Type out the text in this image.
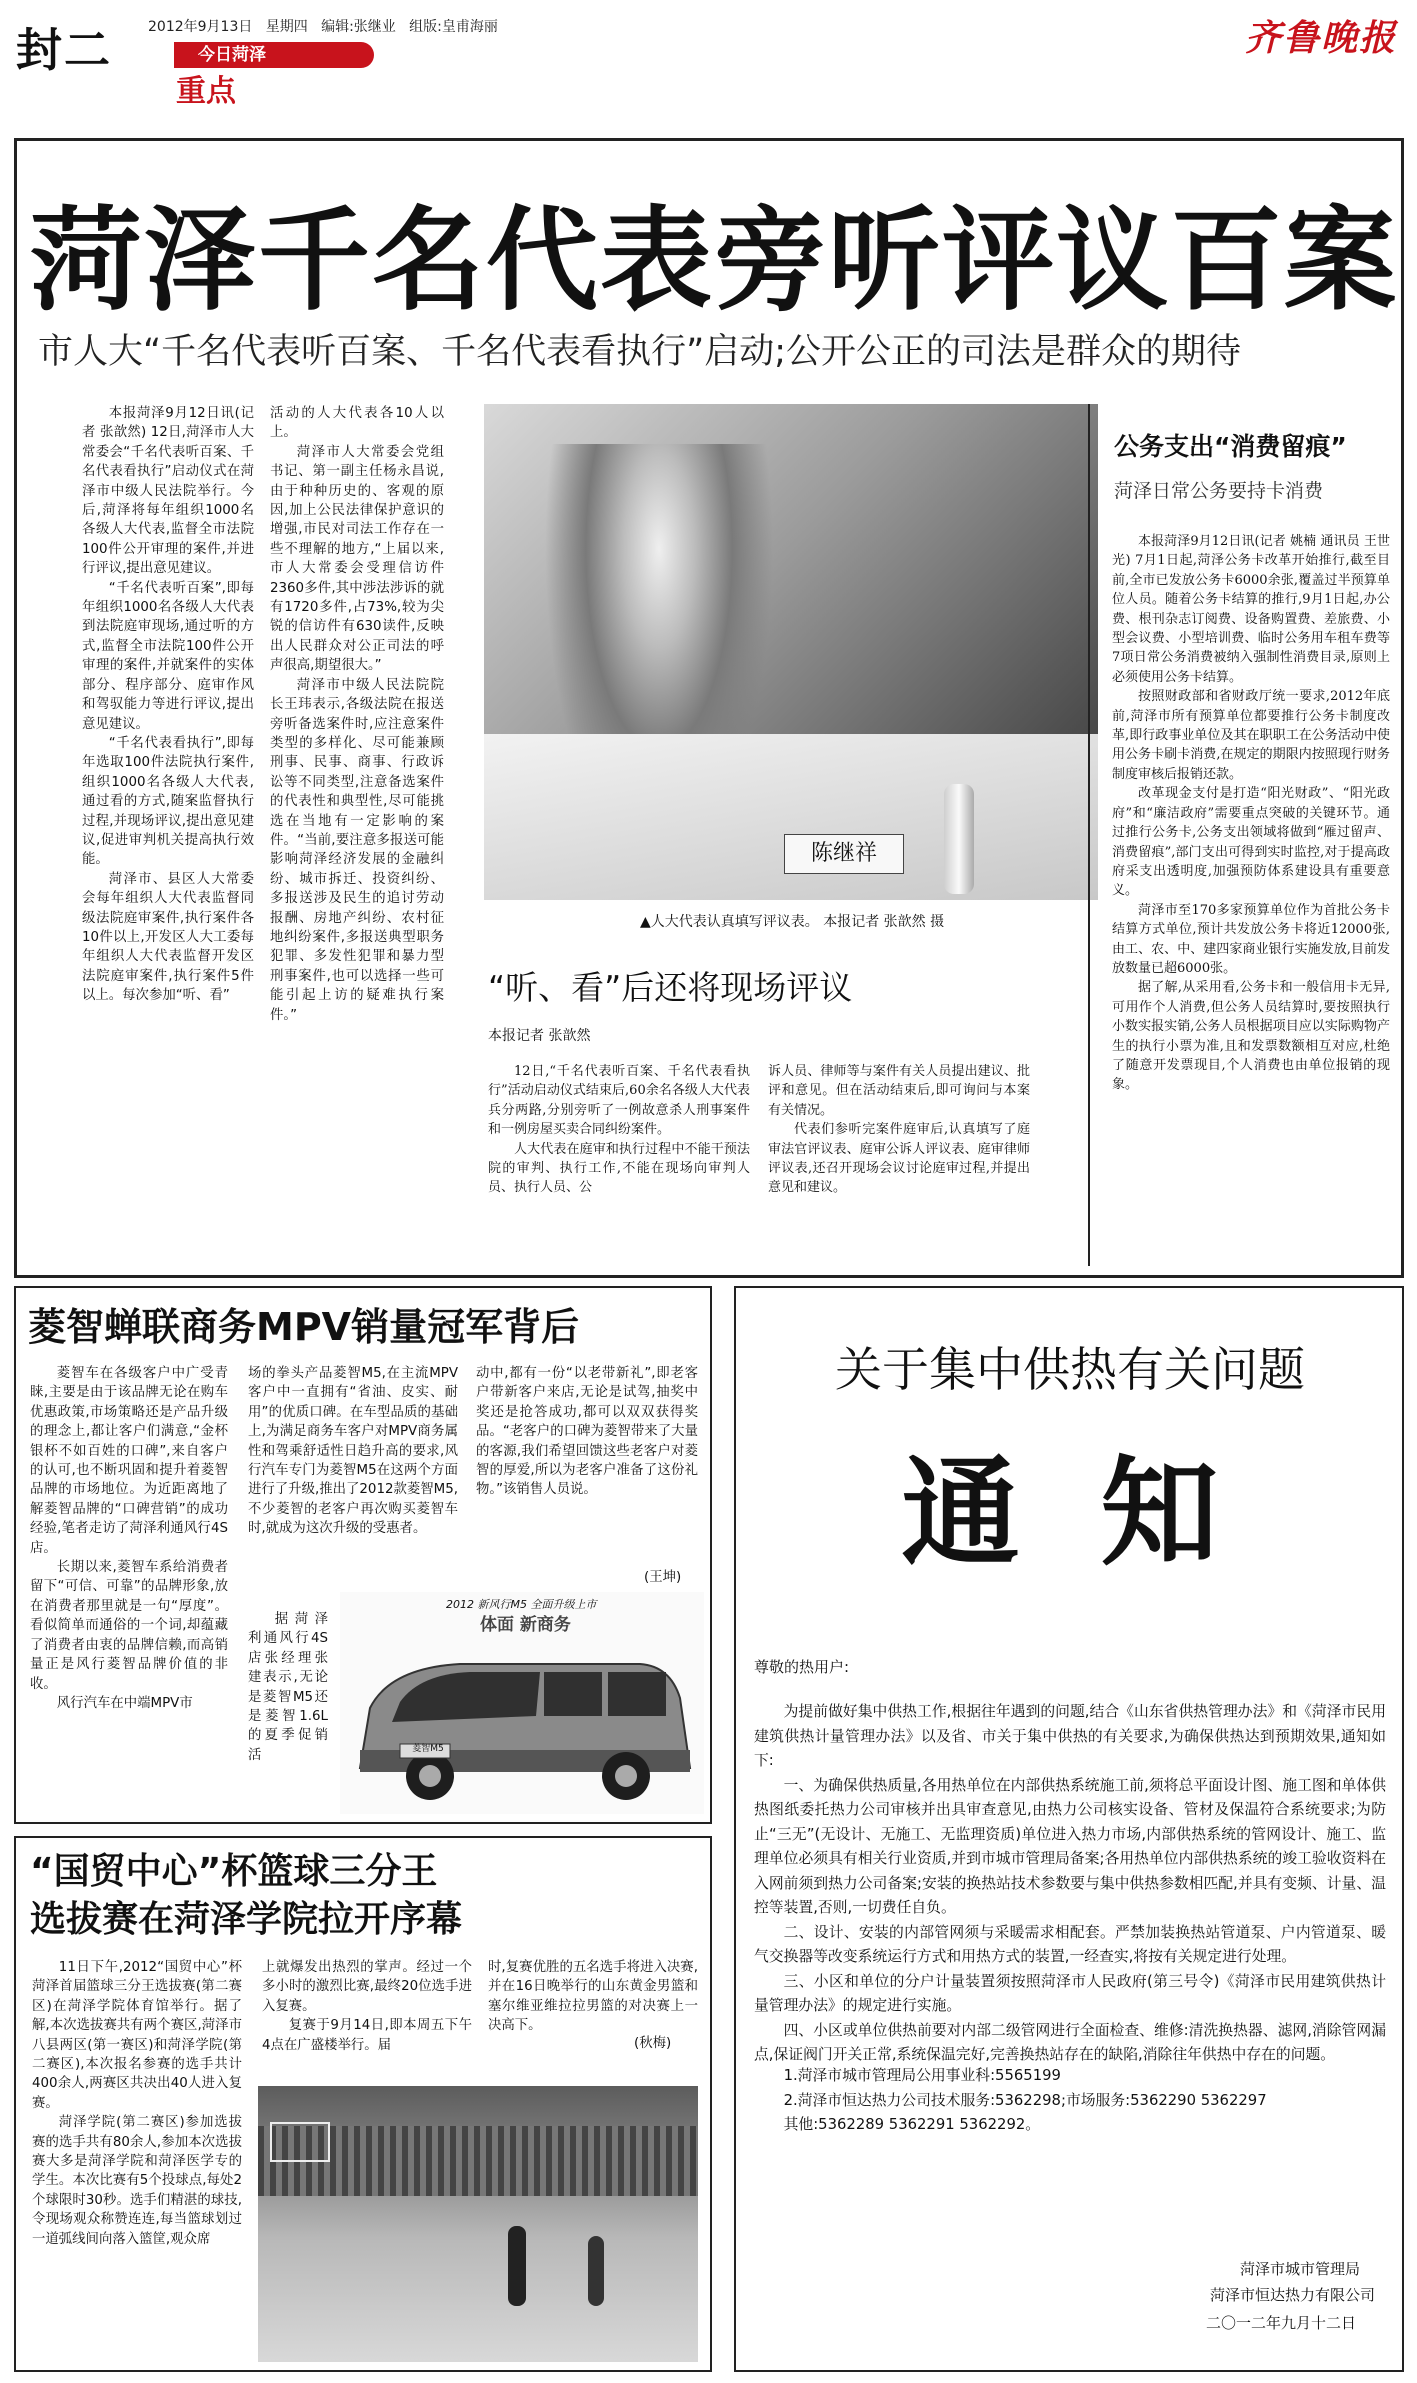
封二	2012年9月13日 星期四 编辑:张继业 组版:皇甫海丽
今日菏泽
重点
齐鲁晚报
菏泽千名代表旁听评议百案
市人大“千名代表听百案、千名代表看执行”启动;公开公正的司法是群众的期待

本报菏泽9月12日讯(记者 张歆然) 12日,菏泽市人大常委会“千名代表听百案、千名代表看执行”启动仪式在菏泽市中级人民法院举行。今后,菏泽将每年组织1000名各级人大代表,监督全市法院100件公开审理的案件,并进行评议,提出意见建议。

“千名代表听百案”,即每年组织1000名各级人大代表到法院庭审现场,通过听的方式,监督全市法院100件公开审理的案件,并就案件的实体部分、程序部分、庭审作风和驾驭能力等进行评议,提出意见建议。

“千名代表看执行”,即每年选取100件法院执行案件,组织1000名各级人大代表,通过看的方式,随案监督执行过程,并现场评议,提出意见建议,促进审判机关提高执行效能。

菏泽市、县区人大常委会每年组织人大代表监督同级法院庭审案件,执行案件各10件以上,开发区人大工委每年组织人大代表监督开发区法院庭审案件,执行案件5件以上。每次参加“听、看”

活动的人大代表各10人以上。

菏泽市人大常委会党组书记、第一副主任杨永昌说,由于种种历史的、客观的原因,加上公民法律保护意识的增强,市民对司法工作存在一些不理解的地方,“上届以来,市人大常委会受理信访件2360多件,其中涉法涉诉的就有1720多件,占73%,较为尖锐的信访件有630读件,反映出人民群众对公正司法的呼声很高,期望很大。”

菏泽市中级人民法院院长王玮表示,各级法院在报送旁听备选案件时,应注意案件类型的多样化、尽可能兼顾刑事、民事、商事、行政诉讼等不同类型,注意备选案件的代表性和典型性,尽可能挑选在当地有一定影响的案件。“当前,要注意多报送可能影响菏泽经济发展的金融纠纷、城市拆迁、投资纠纷、多报送涉及民生的追讨劳动报酬、房地产纠纷、农村征地纠纷案件,多报送典型职务犯罪、多发性犯罪和暴力型刑事案件,也可以选择一些可能引起上访的疑难执行案件。”

陈继祥
▲人大代表认真填写评议表。 本报记者 张歆然 摄
“听、看”后还将现场评议
本报记者 张歆然

12日,“千名代表听百案、千名代表看执行”活动启动仪式结束后,60余名各级人大代表兵分两路,分别旁听了一例故意杀人刑事案件和一例房屋买卖合同纠纷案件。

人大代表在庭审和执行过程中不能干预法院的审判、执行工作,不能在现场向审判人员、执行人员、公

诉人员、律师等与案件有关人员提出建议、批评和意见。但在活动结束后,即可询问与本案有关情况。

代表们参听完案件庭审后,认真填写了庭审法官评议表、庭审公诉人评议表、庭审律师评议表,还召开现场会议讨论庭审过程,并提出意见和建议。

公务支出“消费留痕”
菏泽日常公务要持卡消费

本报菏泽9月12日讯(记者 姚楠 通讯员 王世光) 7月1日起,菏泽公务卡改革开始推行,截至目前,全市已发放公务卡6000余张,覆盖过半预算单位人员。随着公务卡结算的推行,9月1日起,办公费、根刊杂志订阅费、设备购置费、差旅费、小型会议费、小型培训费、临时公务用车租车费等7项日常公务消费被纳入强制性消费目录,原则上必须使用公务卡结算。

按照财政部和省财政厅统一要求,2012年底前,菏泽市所有预算单位都要推行公务卡制度改革,即行政事业单位及其在职职工在公务活动中使用公务卡刷卡消费,在规定的期限内按照现行财务制度审核后报销还款。

改革现金支付是打造“阳光财政”、“阳光政府”和“廉洁政府”需要重点突破的关键环节。通过推行公务卡,公务支出领域将做到“雁过留声、消费留痕”,部门支出可得到实时监控,对于提高政府采支出透明度,加强预防体系建设具有重要意义。

菏泽市至170多家预算单位作为首批公务卡结算方式单位,预计共发放公务卡将近12000张,由工、农、中、建四家商业银行实施发放,目前发放数量已超6000张。

据了解,从采用看,公务卡和一般信用卡无异,可用作个人消费,但公务人员结算时,要按照执行小数实报实销,公务人员根据项目应以实际购物产生的执行小票为准,且和发票数额相互对应,杜绝了随意开发票现目,个人消费也由单位报销的现象。

菱智蝉联商务MPV销量冠军背后

菱智车在各级客户中广受青睐,主要是由于该品牌无论在购车优惠政策,市场策略还是产品升级的理念上,都让客户们满意,“金杯银杯不如百姓的口碑”,来自客户的认可,也不断巩固和提升着菱智品牌的市场地位。为近距离地了解菱智品牌的“口碑营销”的成功经验,笔者走访了菏泽利通风行4S店。

长期以来,菱智车系给消费者留下“可信、可靠”的品牌形象,放在消费者那里就是一句“厚度”。看似简单而通俗的一个词,却蕴藏了消费者由衷的品牌信赖,而高销量正是风行菱智品牌价值的非收。

风行汽车在中端MPV市

场的拳头产品菱智M5,在主流MPV客户中一直拥有“省油、皮实、耐用”的优质口碑。在车型品质的基础上,为满足商务车客户对MPV商务属性和驾乘舒适性日趋升高的要求,风行汽车专门为菱智M5在这两个方面进行了升级,推出了2012款菱智M5,不少菱智的老客户再次购买菱智车时,就成为这次升级的受惠者。

据菏泽利通风行4S店张经理张建表示,无论是菱智M5还是菱智1.6L的夏季促销活

动中,都有一份“以老带新礼”,即老客户带新客户来店,无论是试驾,抽奖中奖还是抢答成功,都可以双双获得奖品。“老客户的口碑为菱智带来了大量的客源,我们希望回馈这些老客户对菱智的厚爱,所以为老客户准备了这份礼物。”该销售人员说。

(王坤)
2012 新风行M5 全面升级上市
体面 新商务
菱智M5
“国贸中心”杯篮球三分王
选拔赛在菏泽学院拉开序幕

11日下午,2012“国贸中心”杯菏泽首届篮球三分王选拔赛(第二赛区)在菏泽学院体育馆举行。据了解,本次选拔赛共有两个赛区,菏泽市八县两区(第一赛区)和菏泽学院(第二赛区),本次报名参赛的选手共计400余人,两赛区共决出40人进入复赛。

菏泽学院(第二赛区)参加选拔赛的选手共有80余人,参加本次选拔赛大多是菏泽学院和菏泽医学专的学生。本次比赛有5个投球点,每处2个球限时30秒。选手们精湛的球技,令现场观众称赞连连,每当篮球划过一道弧线间向落入篮筐,观众席

上就爆发出热烈的掌声。经过一个多小时的激烈比赛,最终20位选手进入复赛。

复赛于9月14日,即本周五下午4点在广盛楼举行。届

时,复赛优胜的五名选手将进入决赛,并在16日晚举行的山东黄金男篮和塞尔维亚维拉拉男篮的对决赛上一决高下。

(秋梅)
关于集中供热有关问题
通 知
尊敬的热用户:

为提前做好集中供热工作,根据往年遇到的问题,结合《山东省供热管理办法》和《菏泽市民用建筑供热计量管理办法》以及省、市关于集中供热的有关要求,为确保供热达到预期效果,通知如下:

一、为确保供热质量,各用热单位在内部供热系统施工前,须将总平面设计图、施工图和单体供热图纸委托热力公司审核并出具审查意见,由热力公司核实设备、管材及保温符合系统要求;为防止“三无”(无设计、无施工、无监理资质)单位进入热力市场,内部供热系统的管网设计、施工、监理单位必须具有相关行业资质,并到市城市管理局备案;各用热单位内部供热系统的竣工验收资料在入网前须到热力公司备案;安装的换热站技术参数要与集中供热参数相匹配,并具有变频、计量、温控等装置,否则,一切费任自负。

二、设计、安装的内部管网须与采暖需求相配套。严禁加装换热站管道泵、户内管道泵、暖气交换器等改变系统运行方式和用热方式的装置,一经查实,将按有关规定进行处理。

三、小区和单位的分户计量装置须按照菏泽市人民政府(第三号令)《菏泽市民用建筑供热计量管理办法》的规定进行实施。

四、小区或单位供热前要对内部二级管网进行全面检查、维修:清洗换热器、滤网,消除管网漏点,保证阀门开关正常,系统保温完好,完善换热站存在的缺陷,消除往年供热中存在的问题。

1.菏泽市城市管理局公用事业科:5565199

2.菏泽市恒达热力公司技术服务:5362298;市场服务:5362290 5362297

其他:5362289 5362291 5362292。

菏泽市城市管理局
菏泽市恒达热力有限公司
二〇一二年九月十二日
